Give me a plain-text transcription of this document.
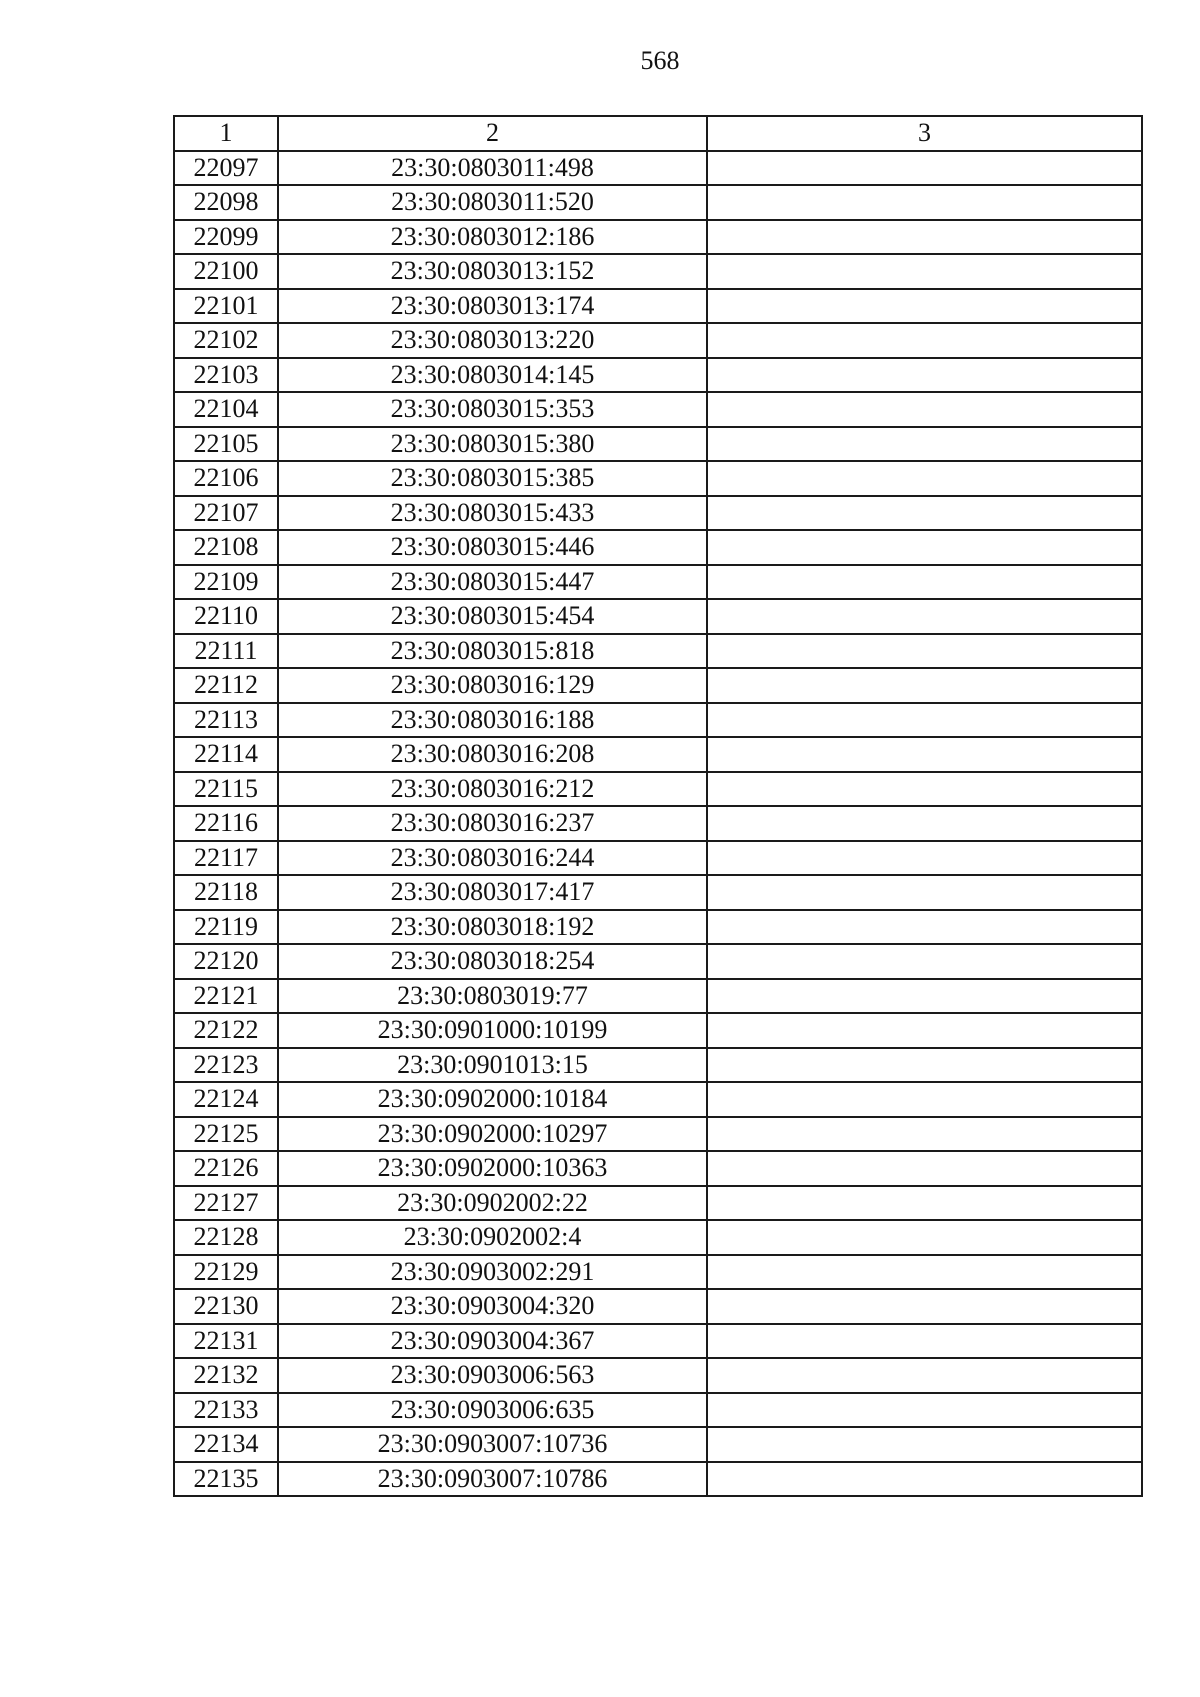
568
1	2	3
22097	23:30:0803011:498	
22098	23:30:0803011:520	
22099	23:30:0803012:186	
22100	23:30:0803013:152	
22101	23:30:0803013:174	
22102	23:30:0803013:220	
22103	23:30:0803014:145	
22104	23:30:0803015:353	
22105	23:30:0803015:380	
22106	23:30:0803015:385	
22107	23:30:0803015:433	
22108	23:30:0803015:446	
22109	23:30:0803015:447	
22110	23:30:0803015:454	
22111	23:30:0803015:818	
22112	23:30:0803016:129	
22113	23:30:0803016:188	
22114	23:30:0803016:208	
22115	23:30:0803016:212	
22116	23:30:0803016:237	
22117	23:30:0803016:244	
22118	23:30:0803017:417	
22119	23:30:0803018:192	
22120	23:30:0803018:254	
22121	23:30:0803019:77	
22122	23:30:0901000:10199	
22123	23:30:0901013:15	
22124	23:30:0902000:10184	
22125	23:30:0902000:10297	
22126	23:30:0902000:10363	
22127	23:30:0902002:22	
22128	23:30:0902002:4	
22129	23:30:0903002:291	
22130	23:30:0903004:320	
22131	23:30:0903004:367	
22132	23:30:0903006:563	
22133	23:30:0903006:635	
22134	23:30:0903007:10736	
22135	23:30:0903007:10786	
